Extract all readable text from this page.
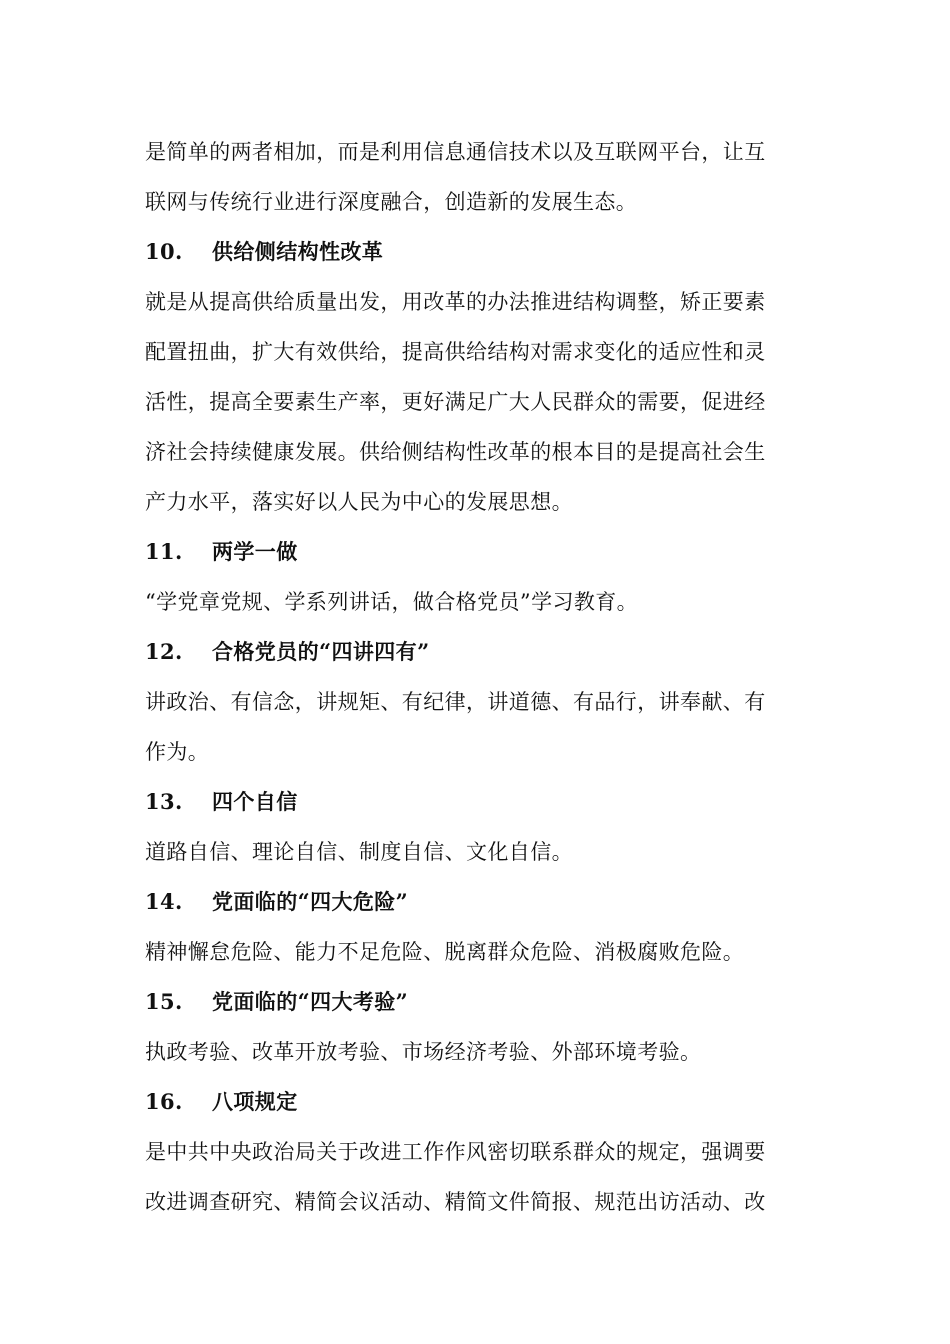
是简单的两者相加，而是利用信息通信技术以及互联网平台，让互
联网与传统行业进行深度融合，创造新的发展生态。
10. 供给侧结构性改革
就是从提高供给质量出发，用改革的办法推进结构调整，矫正要素
配置扭曲，扩大有效供给，提高供给结构对需求变化的适应性和灵
活性，提高全要素生产率，更好满足广大人民群众的需要，促进经
济社会持续健康发展。供给侧结构性改革的根本目的是提高社会生
产力水平，落实好以人民为中心的发展思想。
11. 两学一做
“学党章党规、学系列讲话，做合格党员”学习教育。
12. 合格党员的“四讲四有”
讲政治、有信念，讲规矩、有纪律，讲道德、有品行，讲奉献、有
作为。
13. 四个自信
道路自信、理论自信、制度自信、文化自信。
14. 党面临的“四大危险”
精神懈怠危险、能力不足危险、脱离群众危险、消极腐败危险。
15. 党面临的“四大考验”
执政考验、改革开放考验、市场经济考验、外部环境考验。
16. 八项规定
是中共中央政治局关于改进工作作风密切联系群众的规定，强调要
改进调查研究、精简会议活动、精简文件简报、规范出访活动、改
